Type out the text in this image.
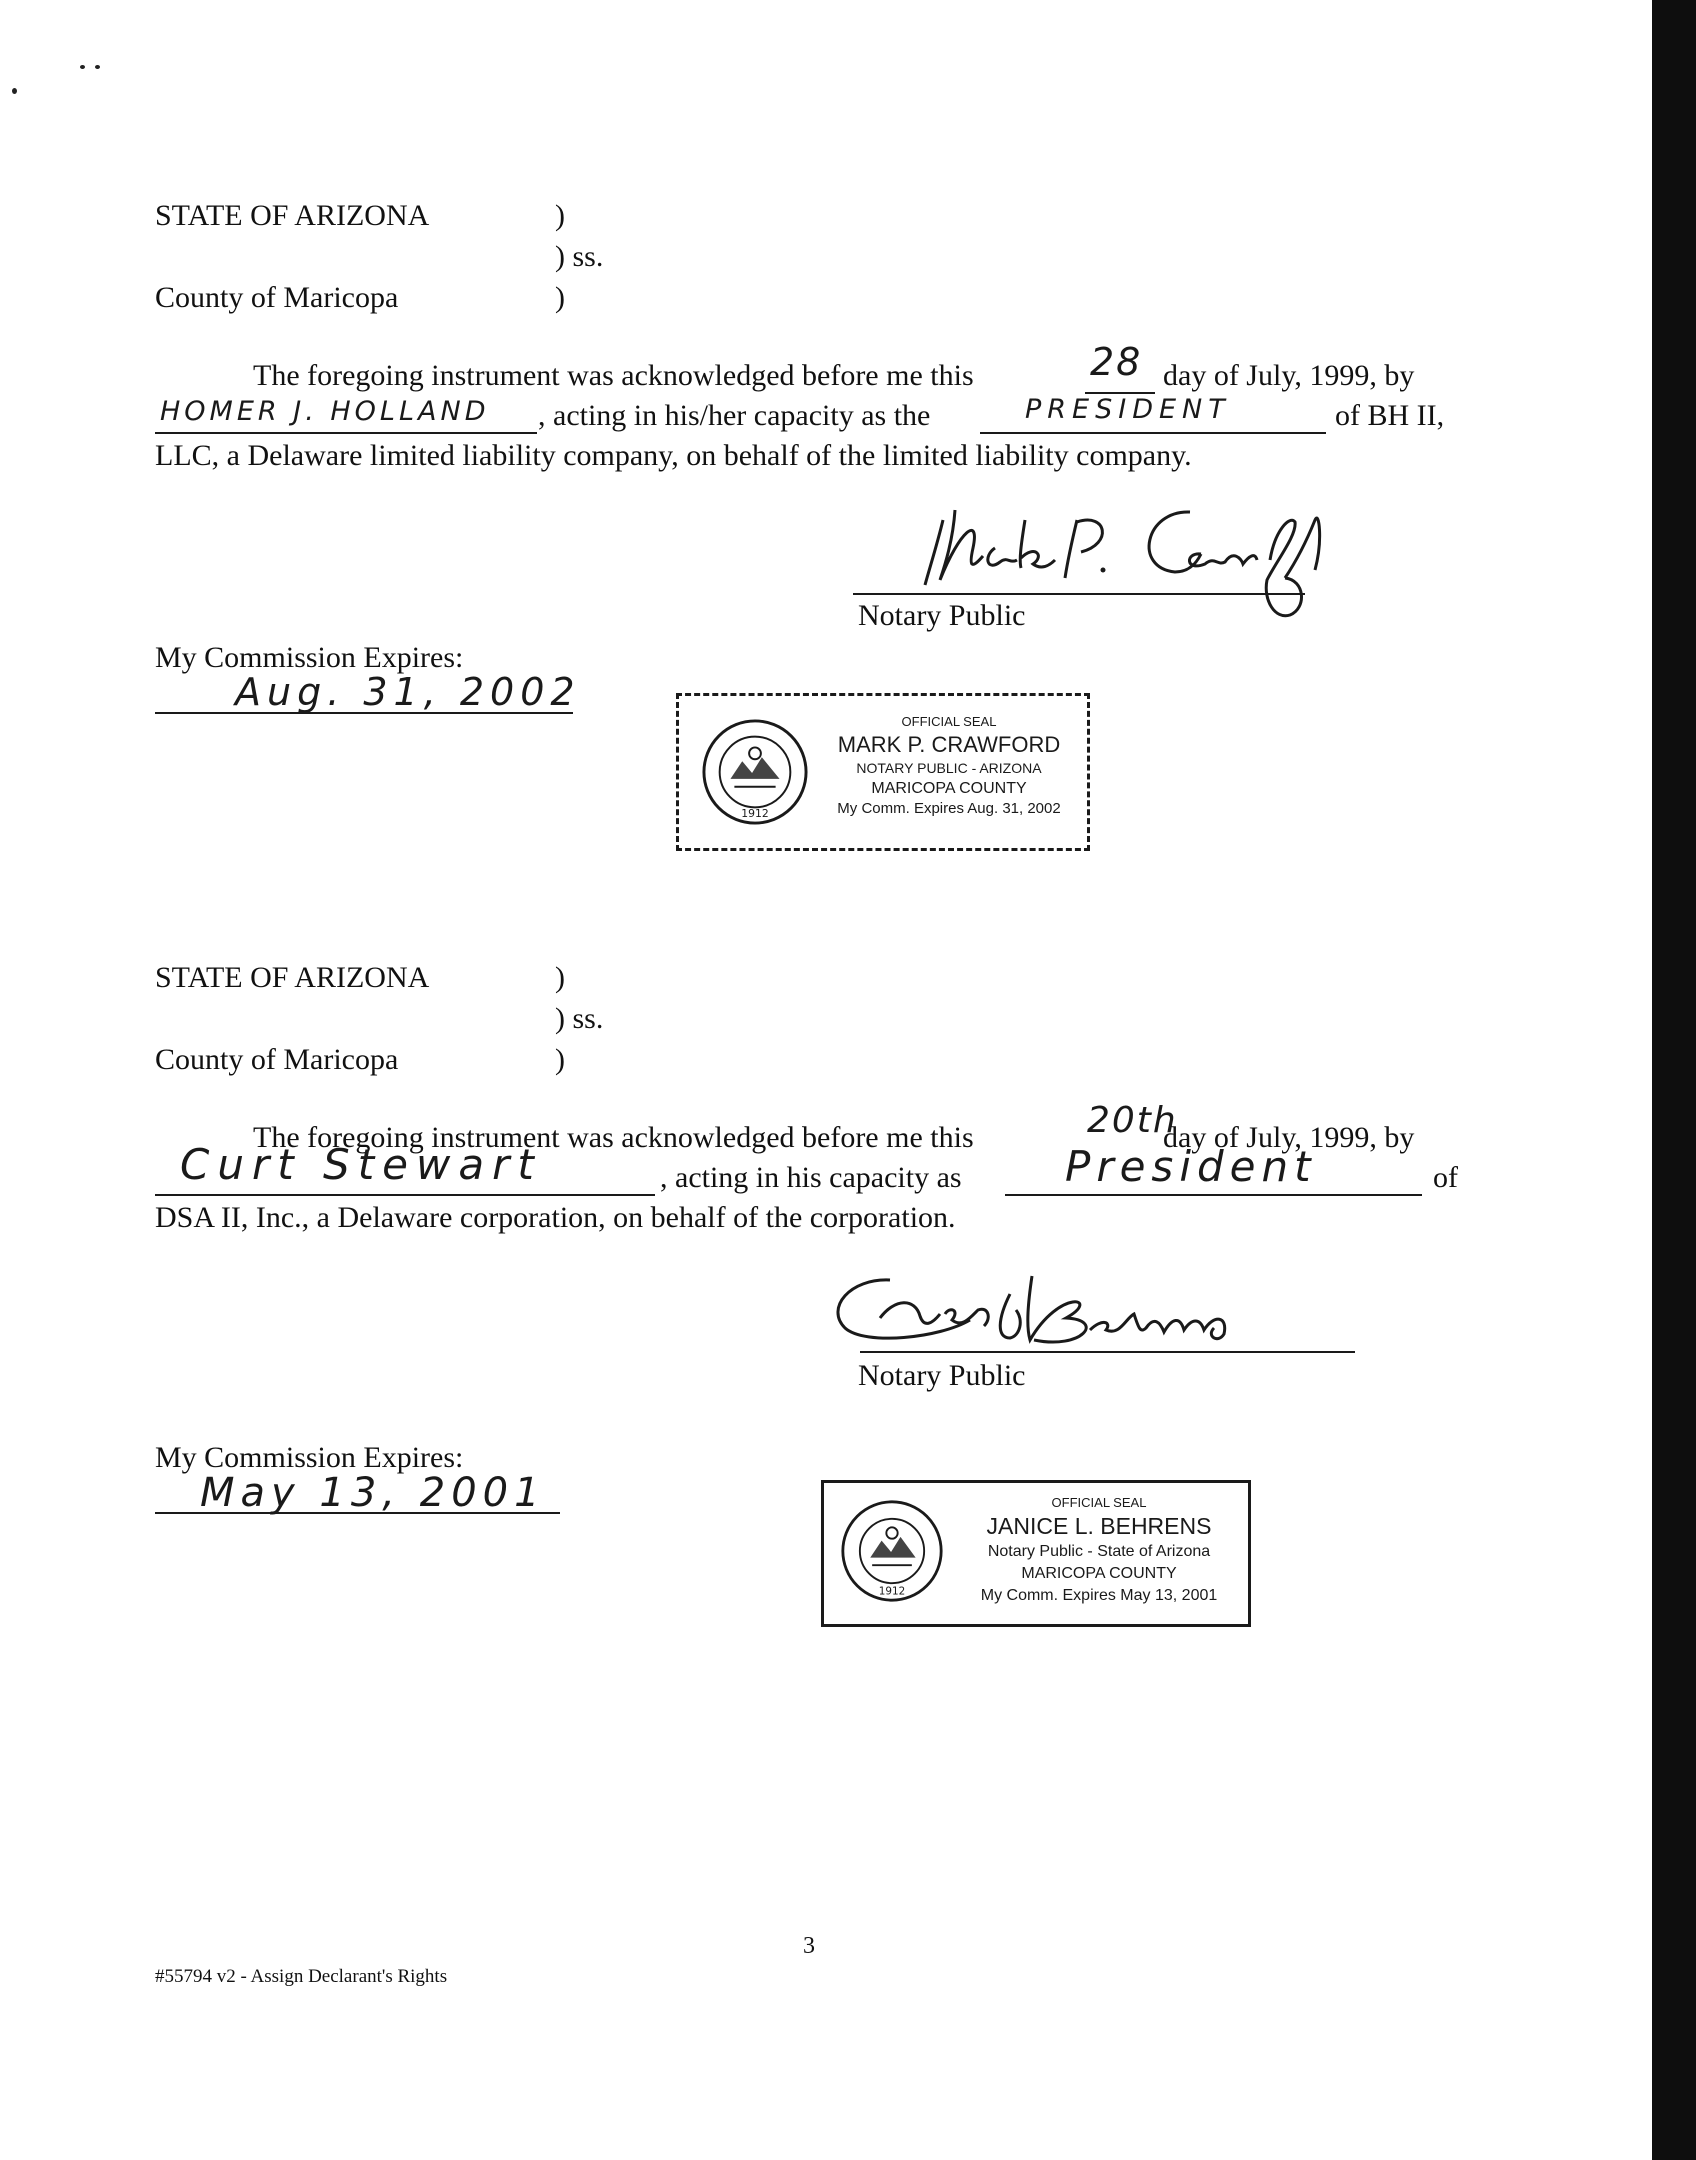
STATE OF ARIZONA	)
) ss.
County of Maricopa	)
The foregoing instrument was acknowledged before me this	28 day of July, 1999, by
HOMER J. HOLLAND , acting in his/her capacity as the	PRESIDENT	of BH II,
LLC, a Delaware limited liability company, on behalf of the limited liability company.
Notary Public
My Commission Expires:
Aug. 31, 2002
1912
OFFICIAL SEAL
MARK P. CRAWFORD
NOTARY PUBLIC - ARIZONA
MARICOPA COUNTY
My Comm. Expires Aug. 31, 2002
STATE OF ARIZONA	)
) ss.
County of Maricopa	)
The foregoing instrument was acknowledged before me this	20th
day of July, 1999, by
Curt Stewart	, acting in his capacity as President	of
DSA II, Inc., a Delaware corporation, on behalf of the corporation.
Notary Public
My Commission Expires:
May 13, 2001
1912
OFFICIAL SEAL
JANICE L. BEHRENS
Notary Public - State of Arizona
MARICOPA COUNTY
My Comm. Expires May 13, 2001
3
#55794 v2 - Assign Declarant's Rights
